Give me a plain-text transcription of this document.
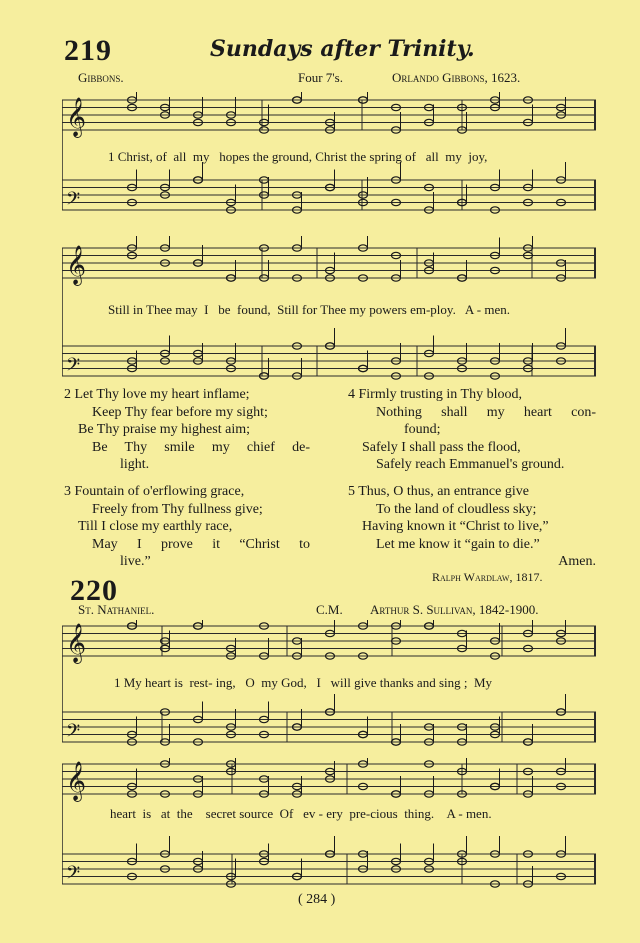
219	Sundays after Trinity.
Gibbons.	Four 7's.	Orlando Gibbons, 1623.
𝄞
𝄢
1 Christ, of  all  my   hopes the ground, Christ the spring of   all  my  joy,
𝄞
𝄢
Still in Thee may  I   be  found,  Still for Thee my powers em-ploy.   A - men.
2 Let Thy love my heart inflame;
Keep Thy fear before my sight;
Be Thy praise my highest aim;
Be Thy smile my chief de-
light.
3 Fountain of o'erflowing grace,
Freely from Thy fullness give;
Till I close my earthly race,
May I prove it “Christ to
live.”
4 Firmly trusting in Thy blood,
Nothing shall my heart con-
found;
Safely I shall pass the flood,
Safely reach Emmanuel's ground.
5 Thus, O thus, an entrance give
To the land of cloudless sky;
Having known it “Christ to live,”
Let me know it “gain to die.”
Amen.
Ralph Wardlaw, 1817.
220
St. Nathaniel.	C.M. Arthur S. Sullivan, 1842-1900.
𝄞
𝄢
1 My heart is  rest- ing,   O  my God,   I   will give thanks and sing ;  My
𝄞
𝄢
heart  is   at  the    secret source  Of   ev - ery  pre-cious  thing.    A - men.
( 284 )
